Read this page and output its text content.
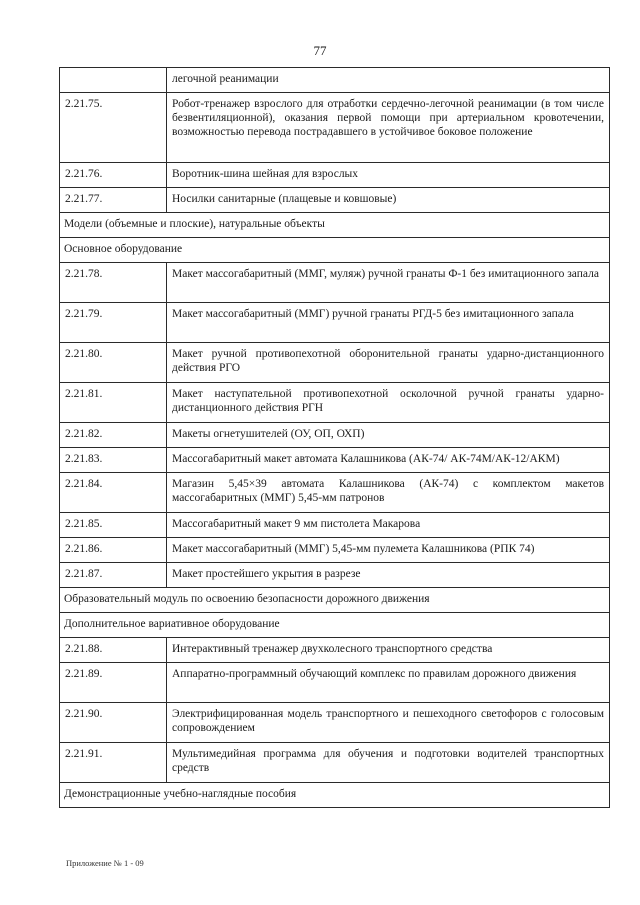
77
	легочной реанимации
2.21.75.	Робот-тренажер взрослого для отработки сердечно-легочной реанимации (в том числе безвентиляционной), оказания первой помощи при артериальном кровотечении, возможностью перевода пострадавшего в устойчивое боковое положение
2.21.76.	Воротник-шина шейная для взрослых
2.21.77.	Носилки санитарные (плащевые и ковшовые)
Модели (объемные и плоские), натуральные объекты	
Основное оборудование	
2.21.78.	Макет массогабаритный (ММГ, муляж) ручной гранаты Ф-1 без имитационного запала
2.21.79.	Макет массогабаритный (ММГ) ручной гранаты РГД-5 без имитационного запала
2.21.80.	Макет ручной противопехотной оборонительной гранаты ударно-дистанционного действия РГО
2.21.81.	Макет наступательной противопехотной осколочной ручной гранаты ударно-дистанционного действия РГН
2.21.82.	Макеты огнетушителей (ОУ, ОП, ОХП)
2.21.83.	Массогабаритный макет автомата Калашникова (АК-74/ АК-74М/АК-12/АКМ)
2.21.84.	Магазин 5,45×39 автомата Калашникова (АК-74) с комплектом макетов массогабаритных (ММГ) 5,45-мм патронов
2.21.85.	Массогабаритный макет 9 мм пистолета Макарова
2.21.86.	Макет массогабаритный (ММГ) 5,45-мм пулемета Калашникова (РПК 74)
2.21.87.	Макет простейшего укрытия в разрезе
Образовательный модуль по освоению безопасности дорожного движения	
Дополнительное вариативное оборудование	
2.21.88.	Интерактивный тренажер двухколесного транспортного средства
2.21.89.	Аппаратно-программный обучающий комплекс по правилам дорожного движения
2.21.90.	Электрифицированная модель транспортного и пешеходного светофоров с голосовым сопровождением
2.21.91.	Мультимедийная программа для обучения и подготовки водителей транспортных средств
Демонстрационные учебно-наглядные пособия	
Приложение № 1 - 09
